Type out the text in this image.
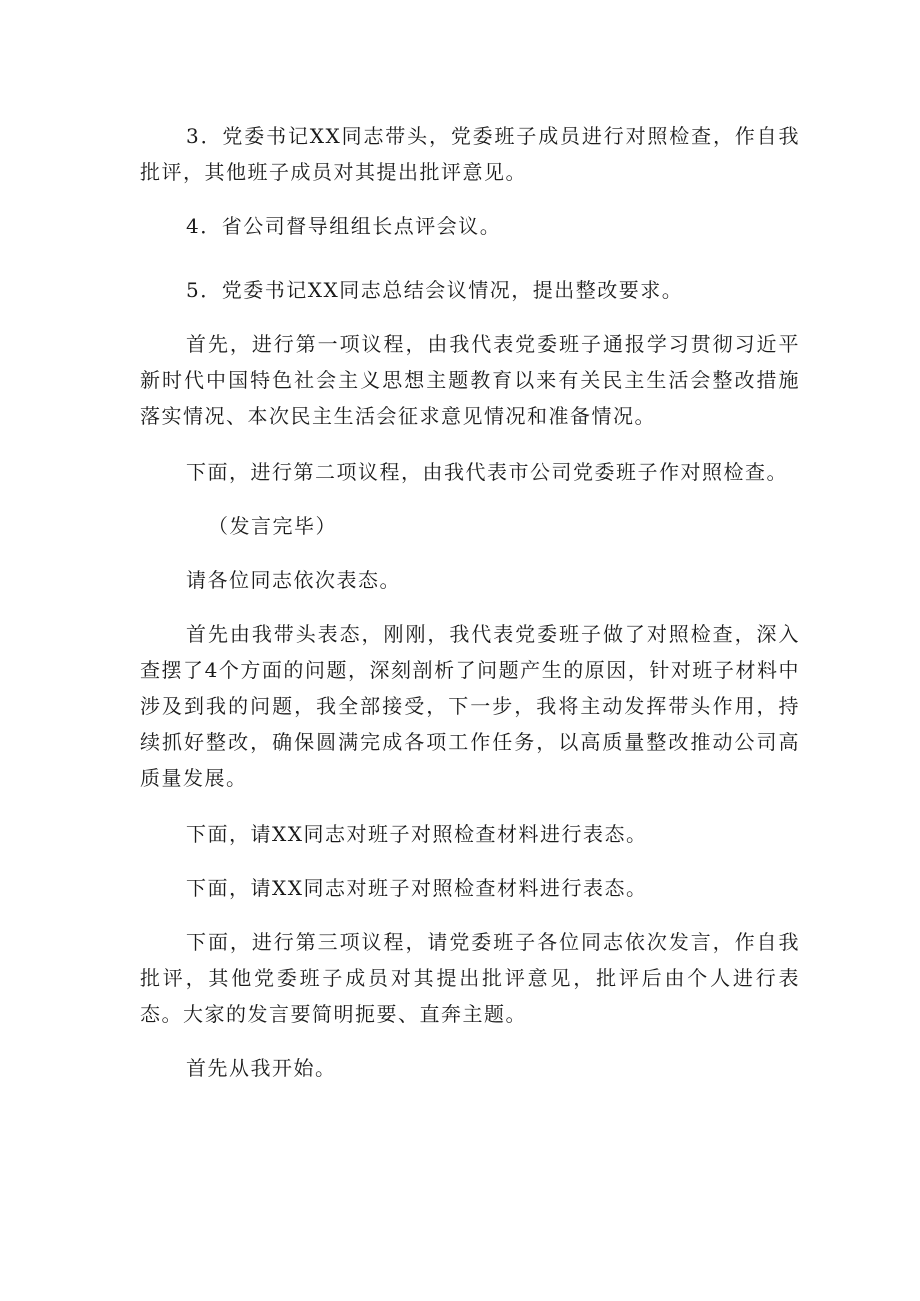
3．党委书记XX同志带头，党委班子成员进行对照检查，作自我批评，其他班子成员对其提出批评意见。

4．省公司督导组组长点评会议。

5．党委书记XX同志总结会议情况，提出整改要求。

首先，进行第一项议程，由我代表党委班子通报学习贯彻习近平新时代中国特色社会主义思想主题教育以来有关民主生活会整改措施落实情况、本次民主生活会征求意见情况和准备情况。

下面，进行第二项议程，由我代表市公司党委班子作对照检查。

（发言完毕）

请各位同志依次表态。

首先由我带头表态，刚刚，我代表党委班子做了对照检查，深入查摆了4个方面的问题，深刻剖析了问题产生的原因，针对班子材料中涉及到我的问题，我全部接受，下一步，我将主动发挥带头作用，持续抓好整改，确保圆满完成各项工作任务，以高质量整改推动公司高质量发展。

下面，请XX同志对班子对照检查材料进行表态。

下面，请XX同志对班子对照检查材料进行表态。

下面，进行第三项议程，请党委班子各位同志依次发言，作自我批评，其他党委班子成员对其提出批评意见，批评后由个人进行表态。大家的发言要简明扼要、直奔主题。

首先从我开始。
